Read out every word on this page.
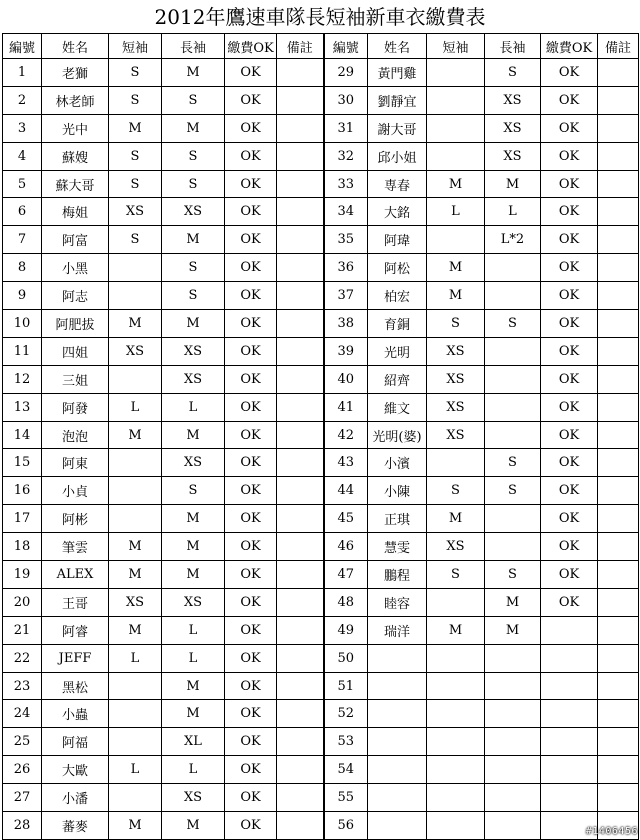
2012年鷹速車隊長短袖新車衣繳費表
編號	姓名	短袖	長袖	繳費OK	備註	編號	姓名	短袖	長袖	繳費OK	備註
1	老獅	S	M	OK		29	黃門雞		S	OK	
2	林老師	S	S	OK		30	劉靜宜		XS	OK	
3	光中	M	M	OK		31	謝大哥		XS	OK	
4	蘇嫂	S	S	OK		32	邱小姐		XS	OK	
5	蘇大哥	S	S	OK		33	専春	M	M	OK	
6	梅姐	XS	XS	OK		34	大銘	L	L	OK	
7	阿富	S	M	OK		35	阿瑋		L*2	OK	
8	小黑		S	OK		36	阿松	M		OK	
9	阿志		S	OK		37	柏宏	M		OK	
10	阿肥拔	M	M	OK		38	育銅	S	S	OK	
11	四姐	XS	XS	OK		39	光明	XS		OK	
12	三姐		XS	OK		40	紹齊	XS		OK	
13	阿發	L	L	OK		41	維文	XS		OK	
14	泡泡	M	M	OK		42	光明(婆)	XS		OK	
15	阿東		XS	OK		43	小濱		S	OK	
16	小貞		S	OK		44	小陳	S	S	OK	
17	阿彬		M	OK		45	正琪	M		OK	
18	筆雲	M	M	OK		46	慧雯	XS		OK	
19	ALEX	M	M	OK		47	鵬程	S	S	OK	
20	王哥	XS	XS	OK		48	睦容		M	OK	
21	阿睿	M	L	OK		49	瑞洋	M	M		
22	JEFF	L	L	OK		50					
23	黑松		M	OK		51					
24	小蟲		M	OK		52					
25	阿福		XL	OK		53					
26	大歐	L	L	OK		54					
27	小潘		XS	OK		55					
28	蕃麥	M	M	OK		56						#1406456
